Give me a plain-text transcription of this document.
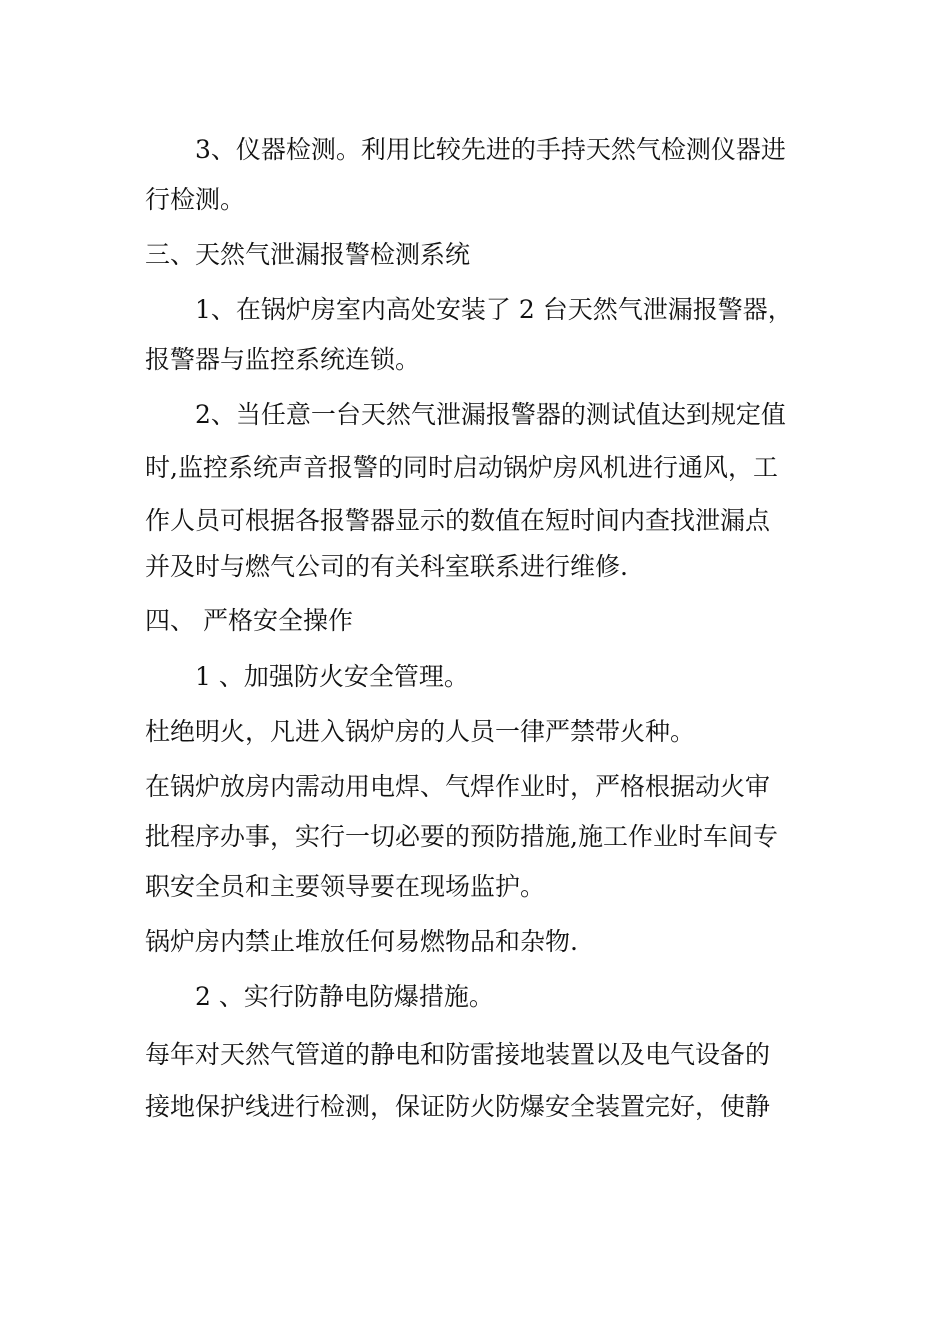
3、仪器检测。利用比较先进的手持天然气检测仪器进
行检测。
三、天然气泄漏报警检测系统
1、在锅炉房室内高处安装了 2 台天然气泄漏报警器，
报警器与监控系统连锁。
2、当任意一台天然气泄漏报警器的测试值达到规定值
时,监控系统声音报警的同时启动锅炉房风机进行通风，工
作人员可根据各报警器显示的数值在短时间内查找泄漏点
并及时与燃气公司的有关科室联系进行维修.
四、 严格安全操作
1 、加强防火安全管理。
杜绝明火，凡进入锅炉房的人员一律严禁带火种。
在锅炉放房内需动用电焊、气焊作业时，严格根据动火审
批程序办事，实行一切必要的预防措施,施工作业时车间专
职安全员和主要领导要在现场监护。
锅炉房内禁止堆放任何易燃物品和杂物.
2 、实行防静电防爆措施。
每年对天然气管道的静电和防雷接地装置以及电气设备的
接地保护线进行检测，保证防火防爆安全装置完好，使静
